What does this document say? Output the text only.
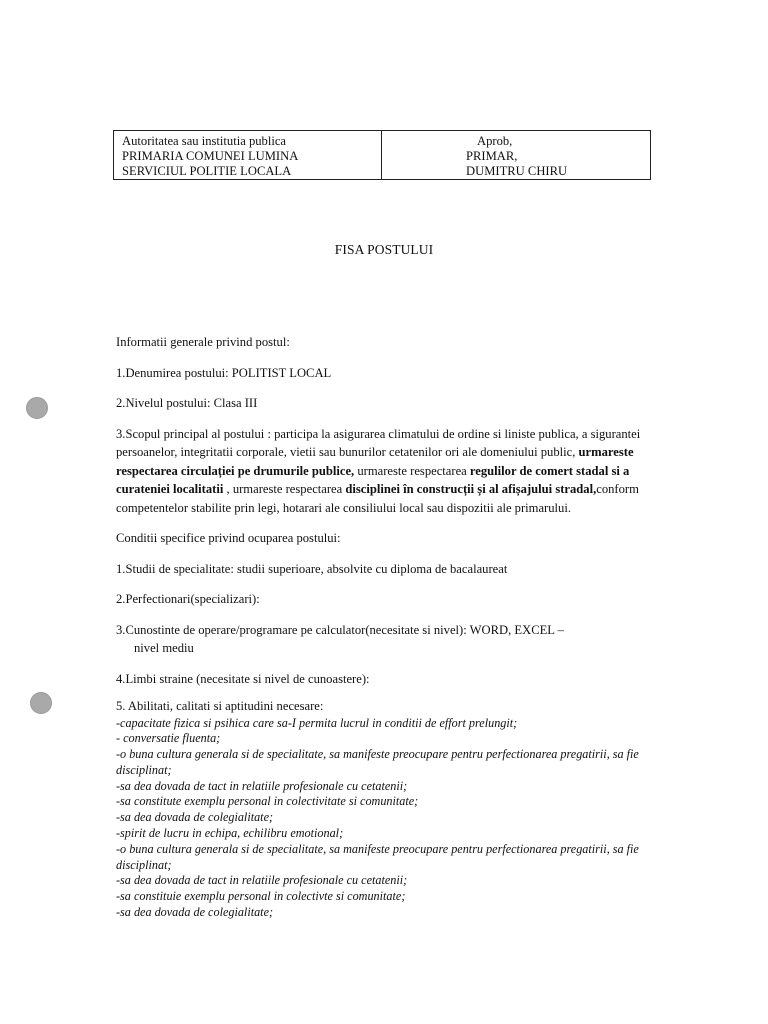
Autoritatea sau institutia publica
PRIMARIA COMUNEI LUMINA
SERVICIUL POLITIE LOCALA
Aprob,
PRIMAR,
DUMITRU CHIRU
FISA POSTULUI

Informatii generale privind postul:

1.Denumirea postului: POLITIST LOCAL

2.Nivelul postului: Clasa III

3.Scopul principal al postului : participa la asigurarea climatului de ordine si liniste publica, a sigurantei persoanelor, integritatii corporale, vietii sau bunurilor cetatenilor ori ale domeniului public, urmareste respectarea circulației pe drumurile publice, urmareste respectarea regulilor de comert stadal si a curateniei localitatii , urmareste respectarea disciplinei în construcții și al afișajului stradal,conform competentelor stabilite prin legi, hotarari ale consiliului local sau dispozitii ale primarului.

Conditii specifice privind ocuparea postului:

1.Studii de specialitate: studii superioare, absolvite cu diploma de bacalaureat

2.Perfectionari(specializari):

3.Cunostinte de operare/programare pe calculator(necesitate si nivel): WORD, EXCEL –

nivel mediu

4.Limbi straine (necesitate si nivel de cunoastere):

5. Abilitati, calitati si aptitudini necesare:

-capacitate fizica si psihica care sa-I permita lucrul in conditii de effort prelungit;

- conversatie fluenta;

-o buna cultura generala si de specialitate, sa manifeste preocupare pentru perfectionarea pregatirii, sa fie disciplinat;

-sa dea dovada de tact in relatiile profesionale cu cetatenii;

-sa constitute exemplu personal in colectivitate si comunitate;

-sa dea dovada de colegialitate;

-spirit de lucru in echipa, echilibru emotional;

-o buna cultura generala si de specialitate, sa manifeste preocupare pentru perfectionarea pregatirii, sa fie disciplinat;

-sa dea dovada de tact in relatiile profesionale cu cetatenii;

-sa constituie exemplu personal in colectivte si comunitate;

-sa dea dovada de colegialitate;
